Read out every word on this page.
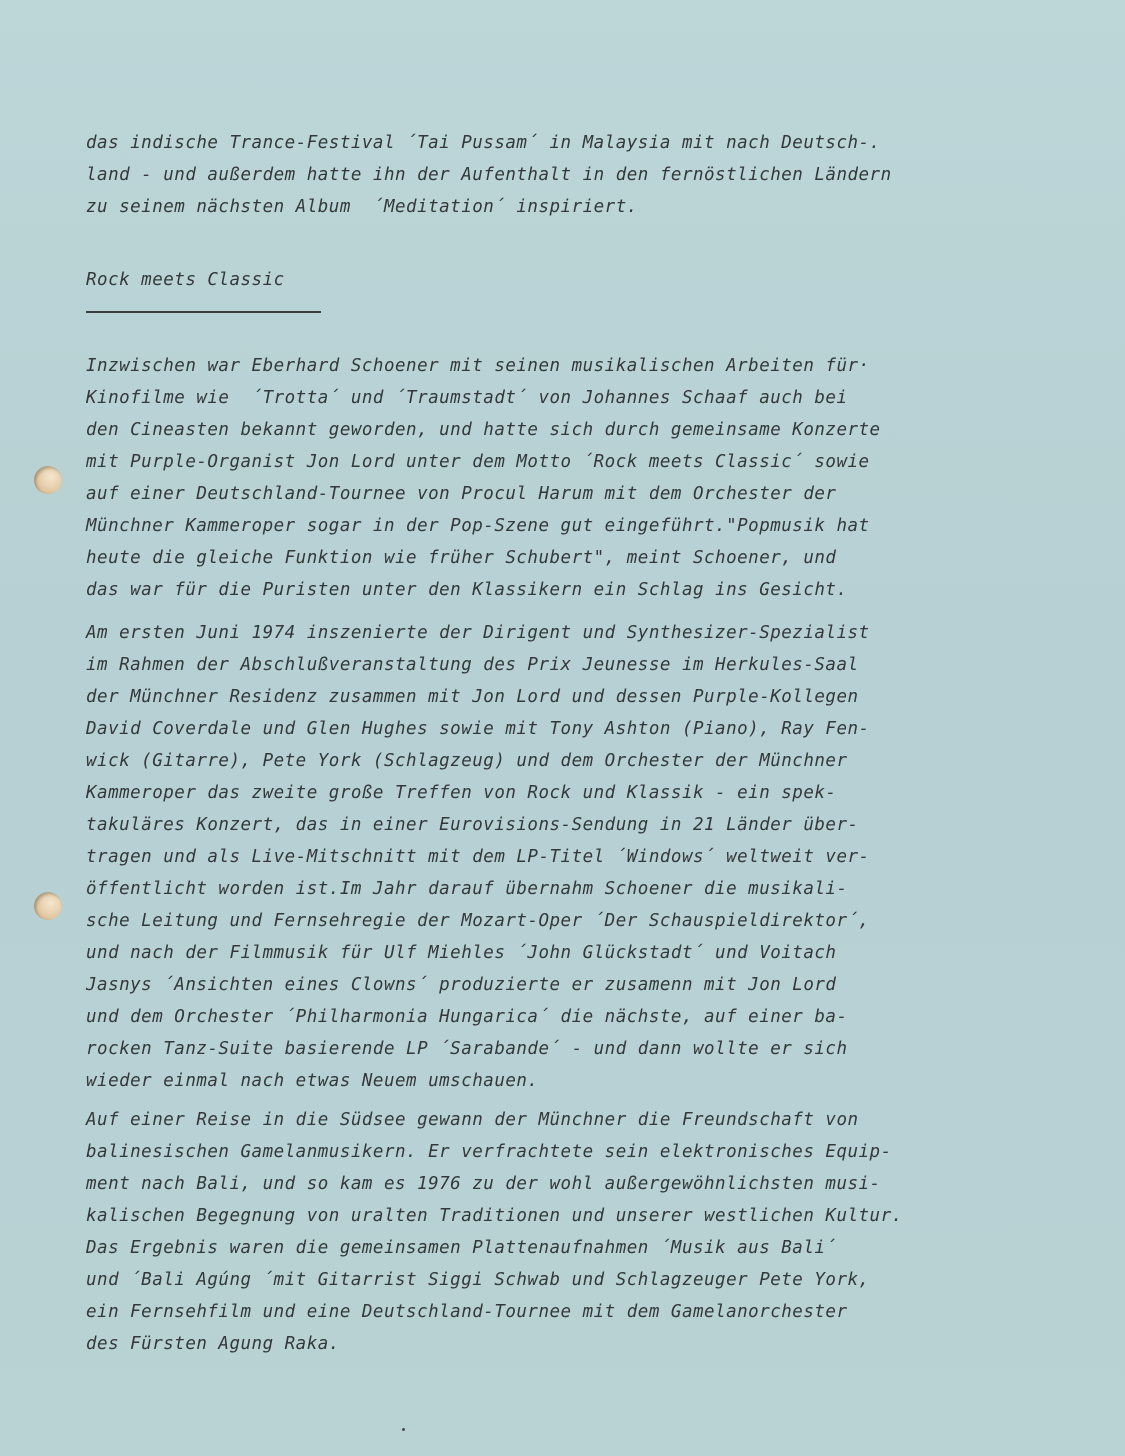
das indische Trance-Festival ´Tai Pussam´ in Malaysia mit nach Deutsch-.
land - und außerdem hatte ihn der Aufenthalt in den fernöstlichen Ländern
zu seinem nächsten Album  ´Meditation´ inspiriert.

Rock meets Classic

Inzwischen war Eberhard Schoener mit seinen musikalischen Arbeiten für·
Kinofilme wie  ´Trotta´ und ´Traumstadt´ von Johannes Schaaf auch bei
den Cineasten bekannt geworden, und hatte sich durch gemeinsame Konzerte
mit Purple-Organist Jon Lord unter dem Motto ´Rock meets Classic´ sowie
auf einer Deutschland-Tournee von Procul Harum mit dem Orchester der
Münchner Kammeroper sogar in der Pop-Szene gut eingeführt."Popmusik hat
heute die gleiche Funktion wie früher Schubert", meint Schoener, und
das war für die Puristen unter den Klassikern ein Schlag ins Gesicht.

Am ersten Juni 1974 inszenierte der Dirigent und Synthesizer-Spezialist
im Rahmen der Abschlußveranstaltung des Prix Jeunesse im Herkules-Saal
der Münchner Residenz zusammen mit Jon Lord und dessen Purple-Kollegen
David Coverdale und Glen Hughes sowie mit Tony Ashton (Piano), Ray Fen-
wick (Gitarre), Pete York (Schlagzeug) und dem Orchester der Münchner
Kammeroper das zweite große Treffen von Rock und Klassik - ein spek-
takuläres Konzert, das in einer Eurovisions-Sendung in 21 Länder über-
tragen und als Live-Mitschnitt mit dem LP-Titel ´Windows´ weltweit ver-
öffentlicht worden ist.Im Jahr darauf übernahm Schoener die musikali-
sche Leitung und Fernsehregie der Mozart-Oper ´Der Schauspieldirektor´,
und nach der Filmmusik für Ulf Miehles ´John Glückstadt´ und Voitach
Jasnys ´Ansichten eines Clowns´ produzierte er zusamenn mit Jon Lord
und dem Orchester ´Philharmonia Hungarica´ die nächste, auf einer ba-
rocken Tanz-Suite basierende LP ´Sarabande´ - und dann wollte er sich
wieder einmal nach etwas Neuem umschauen.

Auf einer Reise in die Südsee gewann der Münchner die Freundschaft von
balinesischen Gamelanmusikern. Er verfrachtete sein elektronisches Equip-
ment nach Bali, und so kam es 1976 zu der wohl außergewöhnlichsten musi-
kalischen Begegnung von uralten Traditionen und unserer westlichen Kultur.
Das Ergebnis waren die gemeinsamen Plattenaufnahmen ´Musik aus Bali´
und ´Bali Agúng ´mit Gitarrist Siggi Schwab und Schlagzeuger Pete York,
ein Fernsehfilm und eine Deutschland-Tournee mit dem Gamelanorchester
des Fürsten Agung Raka.
